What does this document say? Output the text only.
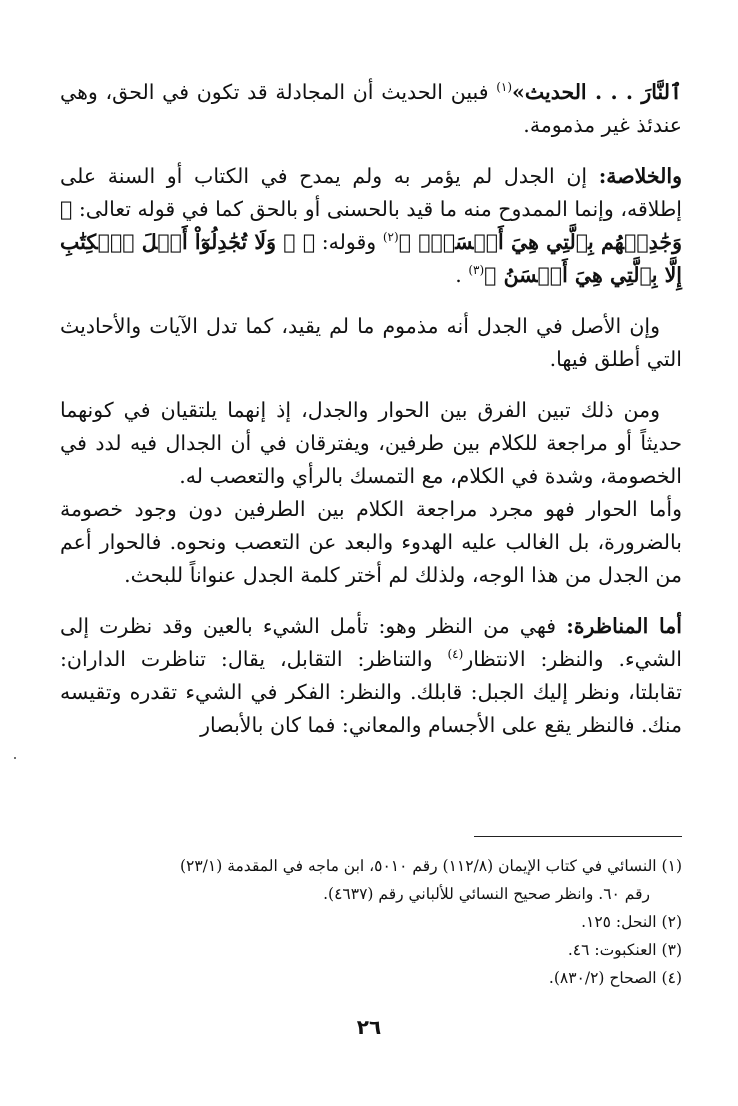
ٱلنَّارَ . . . الحديث»$^{(١)}$ فبين الحديث أن المجادلة قد تكون في الحق، وهي عندئذ غير مذمومة.

والخلاصة: إن الجدل لم يؤمر به ولم يمدح في الكتاب أو السنة على إطلاقه، وإنما الممدوح منه ما قيد بالحسنى أو بالحق كما في قوله تعالى: ﴿ وَجَٰدِلۡهُم بِٱلَّتِي هِيَ أَحۡسَنُۚ ﴾$^{(٢)}$ وقوله: ﴿ ۞ وَلَا تُجَٰدِلُوٓاْ أَهۡلَ ٱلۡكِتَٰبِ إِلَّا بِٱلَّتِي هِيَ أَحۡسَنُ ﴾$^{(٣)}$ .

وإن الأصل في الجدل أنه مذموم ما لم يقيد، كما تدل الآيات والأحاديث التي أطلق فيها.

ومن ذلك تبين الفرق بين الحوار والجدل، إذ إنهما يلتقيان في كونهما حديثاً أو مراجعة للكلام بين طرفين، ويفترقان في أن الجدال فيه لدد في الخصومة، وشدة في الكلام، مع التمسك بالرأي والتعصب له.

وأما الحوار فهو مجرد مراجعة الكلام بين الطرفين دون وجود خصومة بالضرورة، بل الغالب عليه الهدوء والبعد عن التعصب ونحوه. فالحوار أعم من الجدل من هذا الوجه، ولذلك لم أختر كلمة الجدل عنواناً للبحث.

أما المناظرة: فهي من النظر وهو: تأمل الشيء بالعين وقد نظرت إلى الشيء. والنظر: الانتظار$^{(٤)}$ والتناظر: التقابل، يقال: تناظرت الداران: تقابلتا، ونظر إليك الجبل: قابلك. والنظر: الفكر في الشيء تقدره وتقيسه منك. فالنظر يقع على الأجسام والمعاني: فما كان بالأبصار

(١) النسائي في كتاب الإيمان (١١٢/٨) رقم ٥٠١٠، ابن ماجه في المقدمة (٢٣/١)
رقم ٦٠. وانظر صحيح النسائي للألباني رقم (٤٦٣٧).

(٢) النحل: ١٢٥.

(٣) العنكبوت: ٤٦.

(٤) الصحاح (٨٣٠/٢).

٢٦
